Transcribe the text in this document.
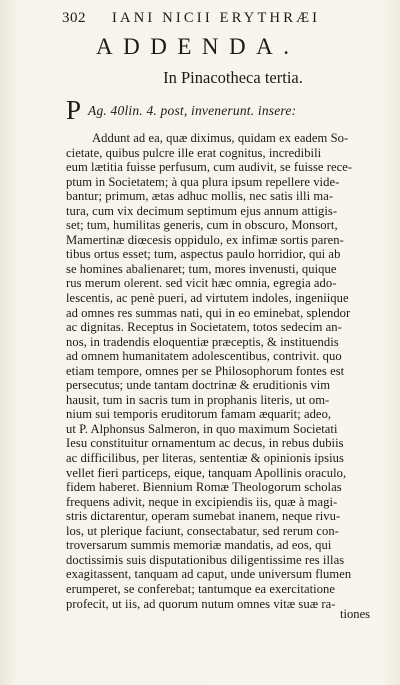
302 IANI NICII ERYTHRÆI
ADDENDA.
In Pinacotheca tertia.
P Ag. 40lin. 4. post, invenerunt. insere:
Addunt ad ea, quæ diximus, quidam ex eadem So-
cietate, quibus pulcre ille erat cognitus, incredibili
eum lætitia fuisse perfusum, cum audivit, se fuisse rece-
ptum in Societatem; à qua plura ipsum repellere vide-
bantur; primum, ætas adhuc mollis, nec satis illi ma-
tura, cum vix decimum septimum ejus annum attigis-
set; tum, humilitas generis, cum in obscuro, Monsort,
Mamertinæ diœcesis oppidulo, ex infimæ sortis paren-
tibus ortus esset; tum, aspectus paulo horridior, qui ab
se homines abalienaret; tum, mores invenusti, quique
rus merum olerent. sed vicit hæc omnia, egregia ado-
lescentis, ac penè pueri, ad virtutem indoles, ingeniique
ad omnes res summas nati, qui in eo eminebat, splendor
ac dignitas. Receptus in Societatem, totos sedecim an-
nos, in tradendis eloquentiæ præceptis, & instituendis
ad omnem humanitatem adolescentibus, contrivit. quo
etiam tempore, omnes per se Philosophorum fontes est
persecutus; unde tantam doctrinæ & eruditionis vim
hausit, tum in sacris tum in prophanis literis, ut om-
nium sui temporis eruditorum famam æquarit; adeo,
ut P. Alphonsus Salmeron, in quo maximum Societati
Iesu constituitur ornamentum ac decus, in rebus dubiis
ac difficilibus, per literas, sententiæ & opinionis ipsius
vellet fieri particeps, eique, tanquam Apollinis oraculo,
fidem haberet. Biennium Romæ Theologorum scholas
frequens adivit, neque in excipiendis iis, quæ à magi-
stris dictarentur, operam sumebat inanem, neque rivu-
los, ut plerique faciunt, consectabatur, sed rerum con-
troversarum summis memoriæ mandatis, ad eos, qui
doctissimis suis disputationibus diligentissime res illas
exagitassent, tanquam ad caput, unde universum flumen
erumperet, se conferebat; tantumque ea exercitatione
profecit, ut iis, ad quorum nutum omnes vitæ suæ ra-
tiones
